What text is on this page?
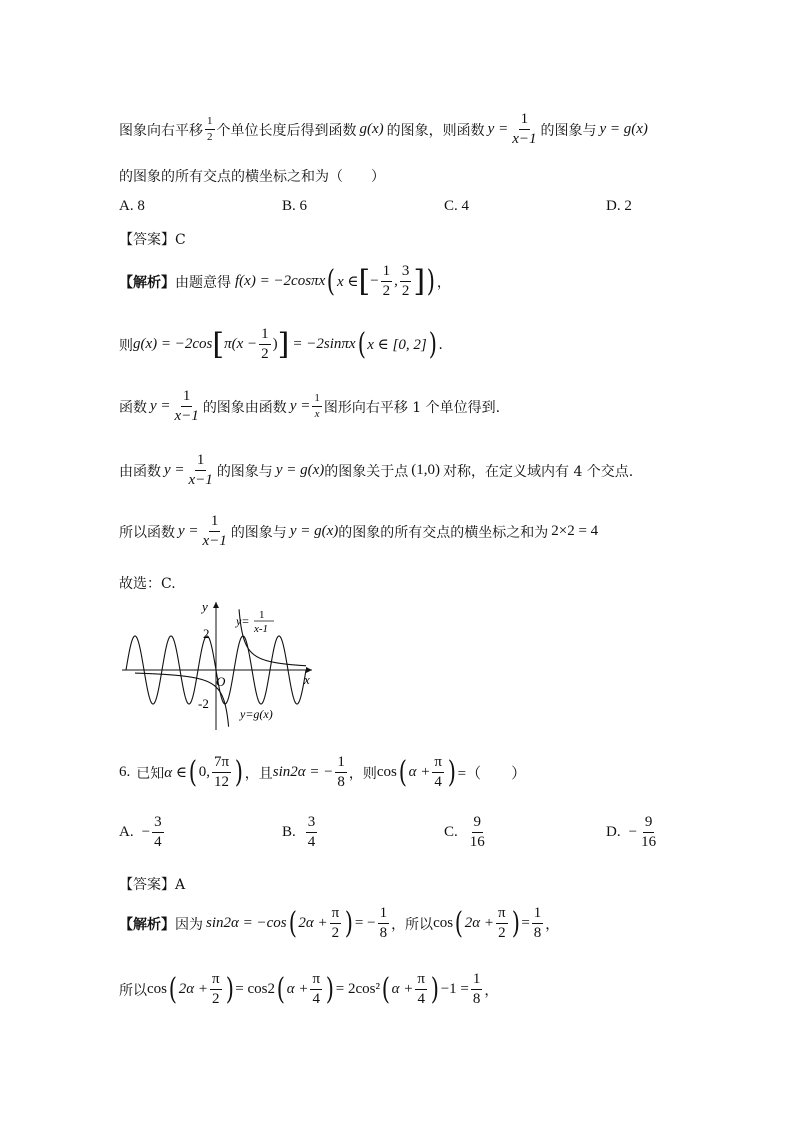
图象向右平移 $\frac{1}{2}$ 个单位长度后得到函数 g(x) 的图象，则函数 $y = \frac{1}{x-1}$ 的图象与 y = g(x)
的图象的所有交点的横坐标之和为（　　）
A. 8	B. 6	C. 4	D. 2
【答案】C
【解析】 由题意得 f(x) = −2cosπx ( x ∈ [ − $\frac{1}{2}$ , $\frac{3}{2}$ ] ) ，
则 g(x) = −2cos [ $\pi(x - \frac{1}{2}$ ) ] = −2sinπx ( x ∈ [0, 2] ) .
函数 $y = \frac{1}{x-1}$ 的图象由函数 $y = \frac{1}{x}$ 图形向右平移 1 个单位得到.
由函数 $y = \frac{1}{x-1}$ 的图象与 y = g(x) 的图象关于点 (1,0) 对称，在定义域内有 4 个交点.
所以函数 $y = \frac{1}{x-1}$ 的图象与 y = g(x) 的图象的所有交点的横坐标之和为 2×2 = 4
故选：C.
y
x
O
2
-2
y= 1
x-1
y=g(x)
6. 已知 α ∈ ( 0, $\frac{7\pi}{12}$ ) ，且 sin2α = − $\frac{1}{8}$ ，则 cos ( $\alpha + \frac{\pi}{4}$ ) =（　　）
A. − $\frac{3}{4}$	B. $\frac{3}{4}$	C. $\frac{9}{16}$	D. − $\frac{9}{16}$
【答案】A
【解析】 因为 sin2α = −cos ( $2\alpha + \frac{\pi}{2}$ ) = − $\frac{1}{8}$ ，所以 cos ( $2\alpha + \frac{\pi}{2}$ ) = $\frac{1}{8}$ ，
所以 cos ( $2\alpha + \frac{\pi}{2}$ ) = cos2 ( $\alpha + \frac{\pi}{4}$ ) = 2cos² ( $\alpha + \frac{\pi}{4}$ ) $-1 = \frac{1}{8}$ ，
